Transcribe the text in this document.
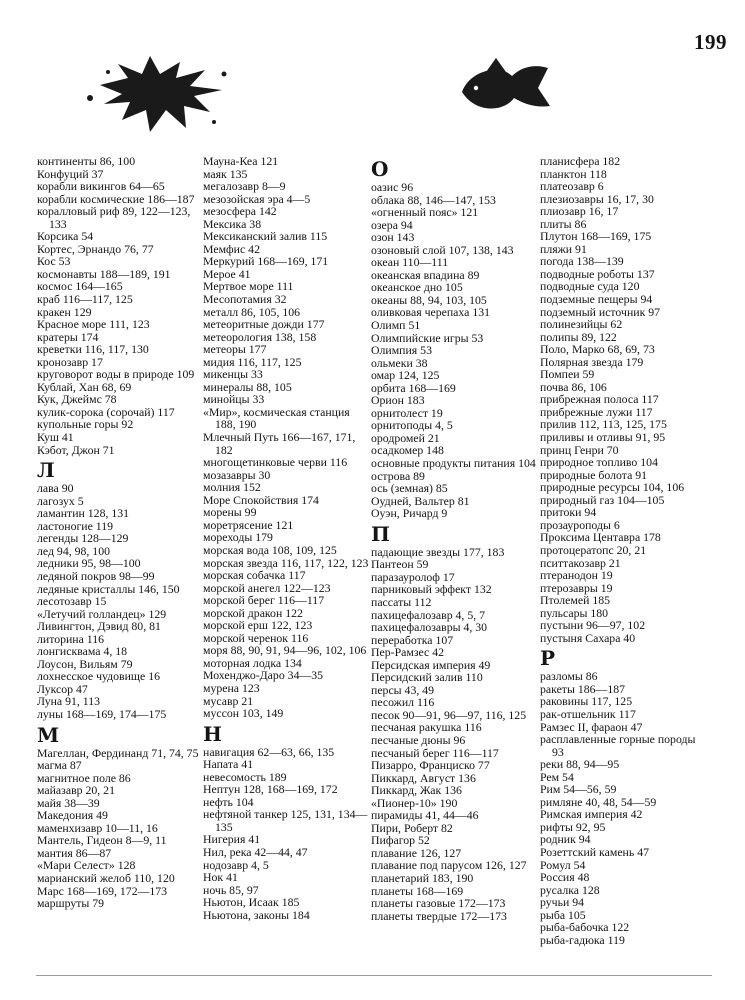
199
континенты 86, 100
Конфуций 37
корабли викингов 64—65
корабли космические 186—187
коралловый риф 89, 122—123, 133
Корсика 54
Кортес, Эрнандо 76, 77
Кос 53
космонавты 188—189, 191
космос 164—165
краб 116—117, 125
кракен 129
Красное море 111, 123
кратеры 174
креветки 116, 117, 130
кронозавр 17
круговорот воды в природе 109
Кублай, Хан 68, 69
Кук, Джеймс 78
кулик-сорока (сорочай) 117
купольные горы 92
Куш 41
Кэбот, Джон 71
Л
лава 90
лагозух 5
ламантин 128, 131
ластоногие 119
легенды 128—129
лед 94, 98, 100
ледники 95, 98—100
ледяной покров 98—99
ледяные кристаллы 146, 150
лесотозавр 15
«Летучий голландец» 129
Ливингтон, Дэвид 80, 81
литорина 116
лонгисквама 4, 18
Лоусон, Вильям 79
лохнесское чудовище 16
Луксор 47
Луна 91, 113
луны 168—169, 174—175
М
Магеллан, Фердинанд 71, 74, 75
магма 87
магнитное поле 86
майазавр 20, 21
майя 38—39
Македония 49
маменхизавр 10—11, 16
Мантель, Гидеон 8—9, 11
мантия 86—87
«Мари Селест» 128
марианский желоб 110, 120
Марс 168—169, 172—173
маршруты 79
Мауна-Кеа 121
маяк 135
мегалозавр 8—9
мезозойская эра 4—5
мезосфера 142
Мексика 38
Мексиканский залив 115
Мемфис 42
Меркурий 168—169, 171
Мерое 41
Мертвое море 111
Месопотамия 32
металл 86, 105, 106
метеоритные дожди 177
метеорология 138, 158
метеоры 177
мидия 116, 117, 125
микенцы 33
минералы 88, 105
минойцы 33
«Мир», космическая станция 188, 190
Млечный Путь 166—167, 171, 182
многощетинковые черви 116
мозазавры 30
молния 152
Море Спокойствия 174
морены 99
моретрясение 121
мореходы 179
морская вода 108, 109, 125
морская звезда 116, 117, 122, 123
морская собачка 117
морской анегел 122—123
морской берег 116—117
морской дракон 122
морской ерш 122, 123
морской черенок 116
моря 88, 90, 91, 94—96, 102, 106
моторная лодка 134
Мохенджо-Даро 34—35
мурена 123
мусавр 21
муссон 103, 149
Н
навигация 62—63, 66, 135
Напата 41
невесомость 189
Нептун 128, 168—169, 172
нефть 104
нефтяной танкер 125, 131, 134—135
Нигерия 41
Нил, река 42—44, 47
нодозавр 4, 5
Нок 41
ночь 85, 97
Ньютон, Исаак 185
Ньютона, законы 184
О
оазис 96
облака 88, 146—147, 153
«огненный пояс» 121
озера 94
озон 143
озоновый слой 107, 138, 143
океан 110—111
океанская впадина 89
океанское дно 105
океаны 88, 94, 103, 105
оливковая черепаха 131
Олимп 51
Олимпийские игры 53
Олимпия 53
ольмеки 38
омар 124, 125
орбита 168—169
Орион 183
орнитолест 19
орнитоподы 4, 5
ородромей 21
осадкомер 148
основные продукты питания 104
острова 89
ось (земная) 85
Оудней, Вальтер 81
Оуэн, Ричард 9
П
падающие звезды 177, 183
Пантеон 59
паразауролоф 17
парниковый эффект 132
пассаты 112
пахицефалозавр 4, 5, 7
пахицефалозавры 4, 30
переработка 107
Пер-Рамзес 42
Персидская империя 49
Персидский залив 110
персы 43, 49
песожил 116
песок 90—91, 96—97, 116, 125
песчаная ракушка 116
песчаные дюны 96
песчаный берег 116—117
Пизарро, Франциско 77
Пиккард, Август 136
Пиккард, Жак 136
«Пионер-10» 190
пирамиды 41, 44—46
Пири, Роберт 82
Пифагор 52
плавание 126, 127
плавание под парусом 126, 127
планетарий 183, 190
планеты 168—169
планеты газовые 172—173
планеты твердые 172—173
планисфера 182
планктон 118
платеозавр 6
плезиозавры 16, 17, 30
плиозавр 16, 17
плиты 86
Плутон 168—169, 175
пляжи 91
погода 138—139
подводные роботы 137
подводные суда 120
подземные пещеры 94
подземный источник 97
полинезийцы 62
полипы 89, 122
Поло, Марко 68, 69, 73
Полярная звезда 179
Помпеи 59
почва 86, 106
прибрежная полоса 117
прибрежные лужи 117
прилив 112, 113, 125, 175
приливы и отливы 91, 95
принц Генри 70
природное топливо 104
природные болота 91
природные ресурсы 104, 106
природный газ 104—105
притоки 94
прозауроподы 6
Проксима Центавра 178
протоцератопс 20, 21
пситтакозавр 21
птеранодон 19
птерозавры 19
Птолемей 185
пульсары 180
пустыни 96—97, 102
пустыня Сахара 40
Р
разломы 86
ракеты 186—187
раковины 117, 125
рак-отшельник 117
Рамзес II, фараон 47
расплавленные горные породы 93
реки 88, 94—95
Рем 54
Рим 54—56, 59
римляне 40, 48, 54—59
Римская империя 42
рифты 92, 95
родник 94
Розеттский камень 47
Ромул 54
Россия 48
русалка 128
ручьи 94
рыба 105
рыба-бабочка 122
рыба-гадюка 119
